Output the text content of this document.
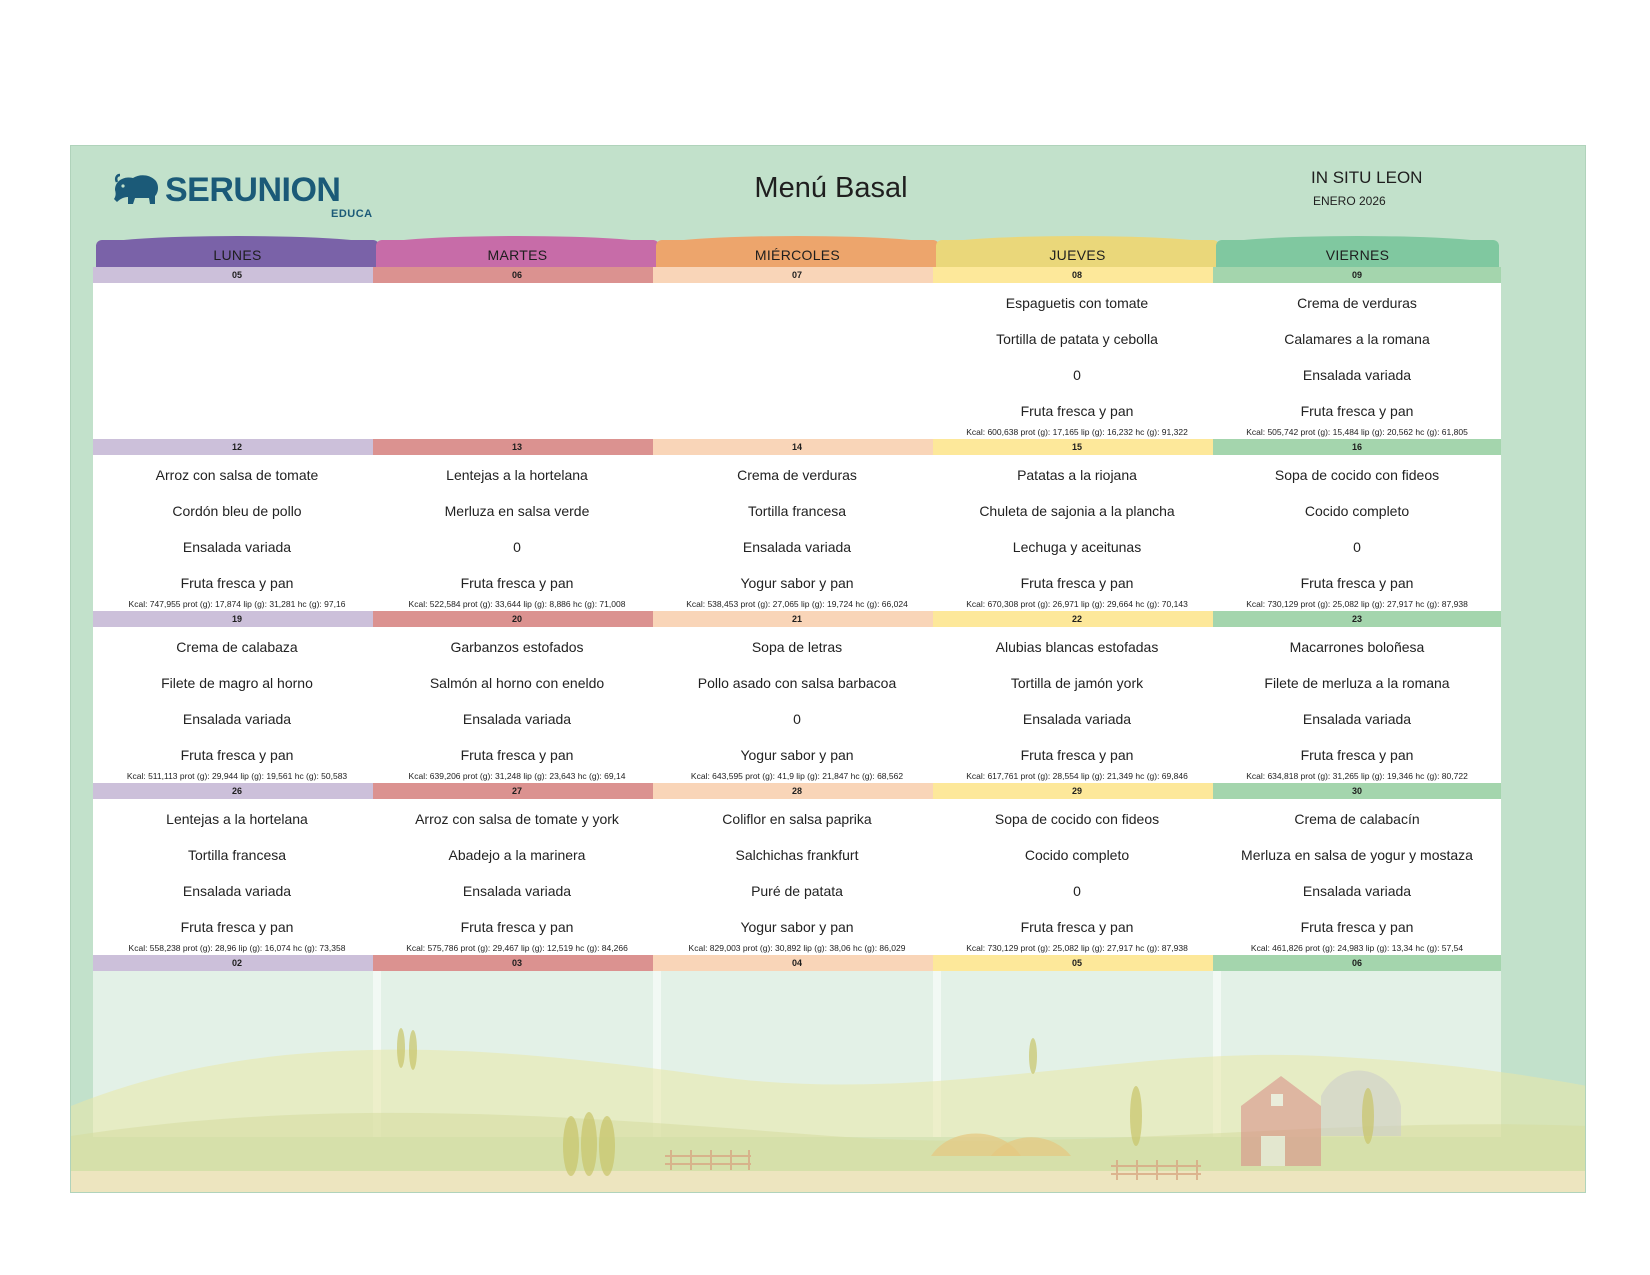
SERUNION
EDUCA
Menú Basal	IN SITU LEON
ENERO 2026
LUNES
05
12
Arroz con salsa de tomate
Cordón bleu de pollo
Ensalada variada
Fruta fresca y pan
Kcal: 747,955 prot (g): 17,874 lip (g): 31,281 hc (g): 97,16
19
Crema de calabaza
Filete de magro al horno
Ensalada variada
Fruta fresca y pan
Kcal: 511,113 prot (g): 29,944 lip (g): 19,561 hc (g): 50,583
26
Lentejas a la hortelana
Tortilla francesa
Ensalada variada
Fruta fresca y pan
Kcal: 558,238 prot (g): 28,96 lip (g): 16,074 hc (g): 73,358
02
MARTES
06
13
Lentejas a la hortelana
Merluza en salsa verde
0
Fruta fresca y pan
Kcal: 522,584 prot (g): 33,644 lip (g): 8,886 hc (g): 71,008
20
Garbanzos estofados
Salmón al horno con eneldo
Ensalada variada
Fruta fresca y pan
Kcal: 639,206 prot (g): 31,248 lip (g): 23,643 hc (g): 69,14
27
Arroz con salsa de tomate y york
Abadejo a la marinera
Ensalada variada
Fruta fresca y pan
Kcal: 575,786 prot (g): 29,467 lip (g): 12,519 hc (g): 84,266
03
MIÉRCOLES
07
14
Crema de verduras
Tortilla francesa
Ensalada variada
Yogur sabor y pan
Kcal: 538,453 prot (g): 27,065 lip (g): 19,724 hc (g): 66,024
21
Sopa de letras
Pollo asado con salsa barbacoa
0
Yogur sabor y pan
Kcal: 643,595 prot (g): 41,9 lip (g): 21,847 hc (g): 68,562
28
Coliflor en salsa paprika
Salchichas frankfurt
Puré de patata
Yogur sabor y pan
Kcal: 829,003 prot (g): 30,892 lip (g): 38,06 hc (g): 86,029
04
JUEVES
08
Espaguetis con tomate
Tortilla de patata y cebolla
0
Fruta fresca y pan
Kcal: 600,638 prot (g): 17,165 lip (g): 16,232 hc (g): 91,322
15
Patatas a la riojana
Chuleta de sajonia a la plancha
Lechuga y aceitunas
Fruta fresca y pan
Kcal: 670,308 prot (g): 26,971 lip (g): 29,664 hc (g): 70,143
22
Alubias blancas estofadas
Tortilla de jamón york
Ensalada variada
Fruta fresca y pan
Kcal: 617,761 prot (g): 28,554 lip (g): 21,349 hc (g): 69,846
29
Sopa de cocido con fideos
Cocido completo
0
Fruta fresca y pan
Kcal: 730,129 prot (g): 25,082 lip (g): 27,917 hc (g): 87,938
05
VIERNES
09
Crema de verduras
Calamares a la romana
Ensalada variada
Fruta fresca y pan
Kcal: 505,742 prot (g): 15,484 lip (g): 20,562 hc (g): 61,805
16
Sopa de cocido con fideos
Cocido completo
0
Fruta fresca y pan
Kcal: 730,129 prot (g): 25,082 lip (g): 27,917 hc (g): 87,938
23
Macarrones boloñesa
Filete de merluza a la romana
Ensalada variada
Fruta fresca y pan
Kcal: 634,818 prot (g): 31,265 lip (g): 19,346 hc (g): 80,722
30
Crema de calabacín
Merluza en salsa de yogur y mostaza
Ensalada variada
Fruta fresca y pan
Kcal: 461,826 prot (g): 24,983 lip (g): 13,34 hc (g): 57,54
06
